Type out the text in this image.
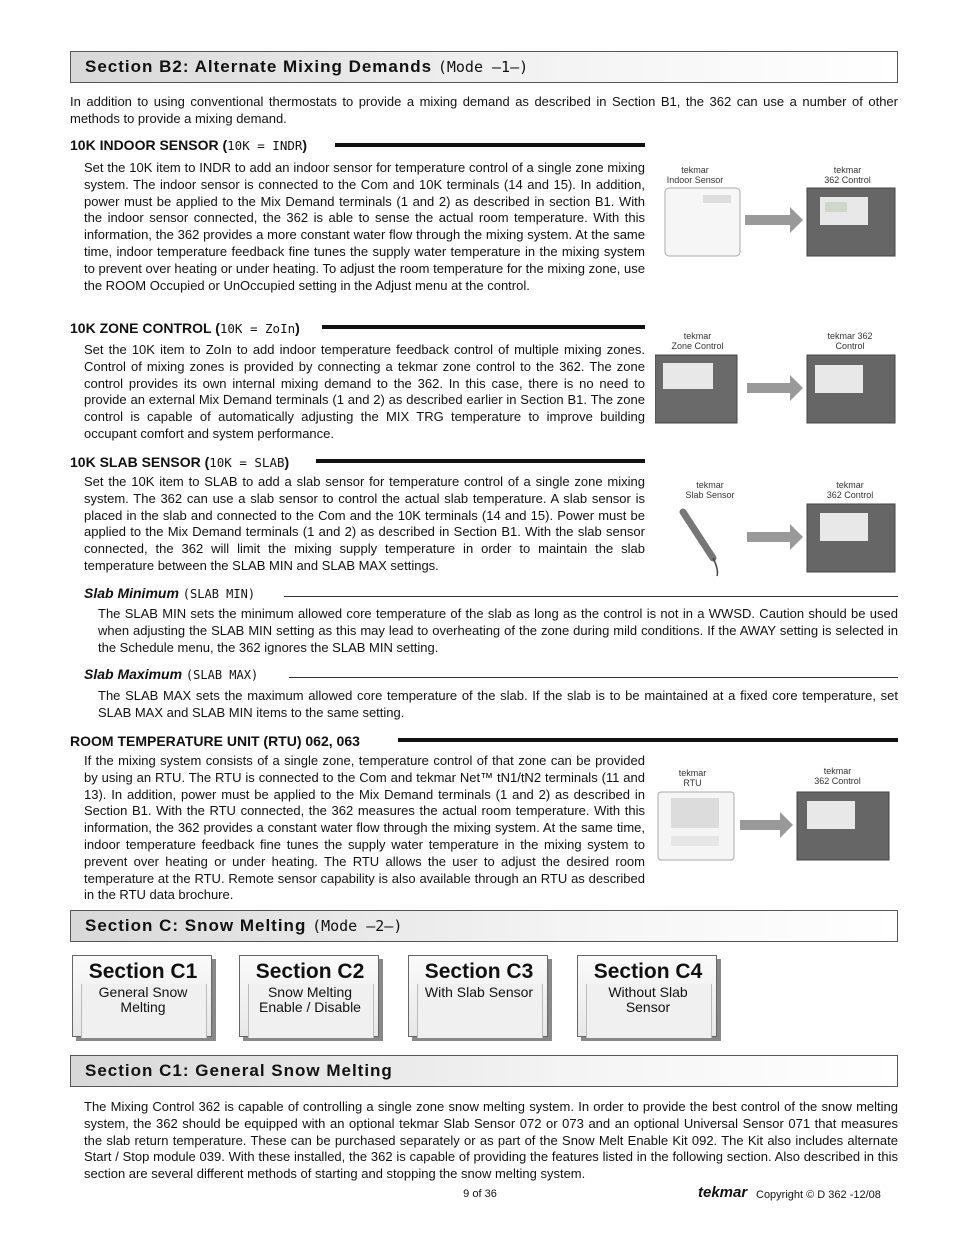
Section B2: Alternate Mixing Demands (Mode —1—)

In addition to using conventional thermostats to provide a mixing demand as described in Section B1, the 362 can use a number of other methods to provide a mixing demand.

10K INDOOR SENSOR (10K = INDR)

Set the 10K item to INDR to add an indoor sensor for temperature control of a single zone mixing system. The indoor sensor is connected to the Com and 10K terminals (14 and 15). In addition, power must be applied to the Mix Demand terminals (1 and 2) as described in section B1. With the indoor sensor connected, the 362 is able to sense the actual room temperature. With this information, the 362 provides a more constant water flow through the mixing system. At the same time, indoor temperature feedback fine tunes the supply water temperature in the mixing system to prevent over heating or under heating. To adjust the room temperature for the mixing zone, use the ROOM Occupied or UnOccupied setting in the Adjust menu at the control.

tekmar
Indoor Sensor
tekmar
362 Control
10K ZONE CONTROL (10K = ZoIn)

Set the 10K item to ZoIn to add indoor temperature feedback control of multiple mixing zones. Control of mixing zones is provided by connecting a tekmar zone control to the 362. The zone control provides its own internal mixing demand to the 362. In this case, there is no need to provide an external Mix Demand terminals (1 and 2) as described earlier in Section B1. The zone control is capable of automatically adjusting the MIX TRG temperature to improve building occupant comfort and system performance.

tekmar
Zone Control
tekmar 362
Control
10K SLAB SENSOR (10K = SLAB)

Set the 10K item to SLAB to add a slab sensor for temperature control of a single zone mixing system. The 362 can use a slab sensor to control the actual slab temperature. A slab sensor is placed in the slab and connected to the Com and the 10K terminals (14 and 15). Power must be applied to the Mix Demand terminals (1 and 2) as described in Section B1. With the slab sensor connected, the 362 will limit the mixing supply temperature in order to maintain the slab temperature between the SLAB MIN and SLAB MAX settings.

tekmar
Slab Sensor
tekmar
362 Control
Slab Minimum (SLAB MIN)

The SLAB MIN sets the minimum allowed core temperature of the slab as long as the control is not in a WWSD. Caution should be used when adjusting the SLAB MIN setting as this may lead to overheating of the zone during mild conditions. If the AWAY setting is selected in the Schedule menu, the 362 ignores the SLAB MIN setting.

Slab Maximum (SLAB MAX)

The SLAB MAX sets the maximum allowed core temperature of the slab. If the slab is to be maintained at a fixed core temperature, set SLAB MAX and SLAB MIN items to the same setting.

ROOM TEMPERATURE UNIT (RTU) 062, 063

If the mixing system consists of a single zone, temperature control of that zone can be provided by using an RTU. The RTU is connected to the Com and tekmar Net™ tN1/tN2 terminals (11 and 13). In addition, power must be applied to the Mix Demand terminals (1 and 2) as described in Section B1. With the RTU connected, the 362 measures the actual room temperature. With this information, the 362 provides a constant water flow through the mixing system. At the same time, indoor temperature feedback fine tunes the supply water temperature in the mixing system to prevent over heating or under heating. The RTU allows the user to adjust the desired room temperature at the RTU. Remote sensor capability is also available through an RTU as described in the RTU data brochure.

tekmar
RTU
tekmar
362 Control
Section C: Snow Melting (Mode —2—)
Section C1
General Snow
Melting
Section C2
Snow Melting
Enable / Disable
Section C3
With Slab Sensor
Section C4
Without Slab
Sensor
Section C1: General Snow Melting

The Mixing Control 362 is capable of controlling a single zone snow melting system. In order to provide the best control of the snow melting system, the 362 should be equipped with an optional tekmar Slab Sensor 072 or 073 and an optional Universal Sensor 071 that measures the slab return temperature. These can be purchased separately or as part of the Snow Melt Enable Kit 092. The Kit also includes alternate Start / Stop module 039. With these installed, the 362 is capable of providing the features listed in the following section. Also described in this section are several different methods of starting and stopping the snow melting system.

9 of 36	tekmar Copyright © D 362 -12/08
